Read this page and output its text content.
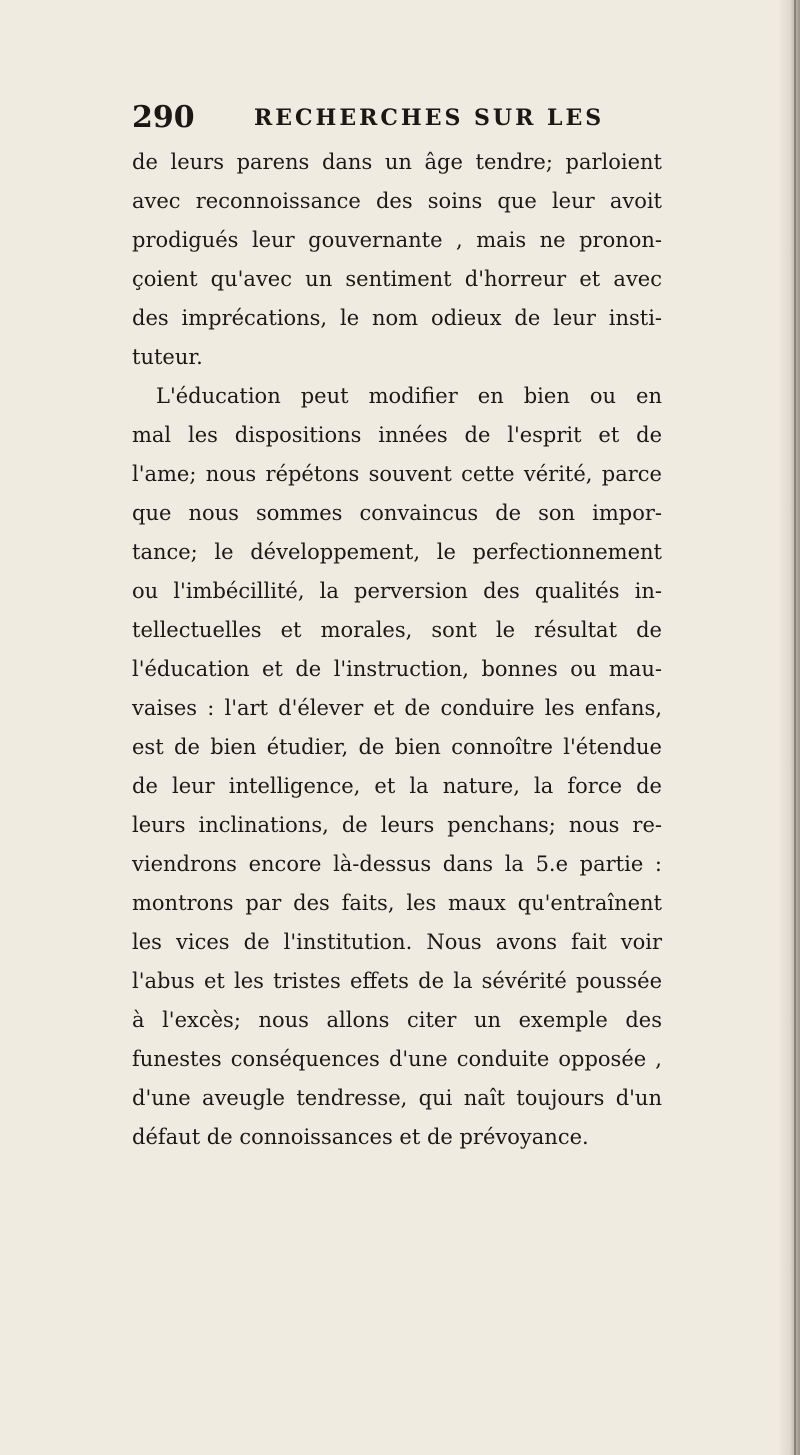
290	RECHERCHES SUR LES
de leurs parens dans un âge tendre; parloient
avec reconnoissance des soins que leur avoit
prodigués leur gouvernante , mais ne pronon-
çoient qu'avec un sentiment d'horreur et avec
des imprécations, le nom odieux de leur insti-
tuteur.
L'éducation peut modifier en bien ou en
mal les dispositions innées de l'esprit et de
l'ame; nous répétons souvent cette vérité, parce
que nous sommes convaincus de son impor-
tance; le développement, le perfectionnement
ou l'imbécillité, la perversion des qualités in-
tellectuelles et morales, sont le résultat de
l'éducation et de l'instruction, bonnes ou mau-
vaises : l'art d'élever et de conduire les enfans,
est de bien étudier, de bien connoître l'étendue
de leur intelligence, et la nature, la force de
leurs inclinations, de leurs penchans; nous re-
viendrons encore là-dessus dans la 5.e partie :
montrons par des faits, les maux qu'entraînent
les vices de l'institution. Nous avons fait voir
l'abus et les tristes effets de la sévérité poussée
à l'excès; nous allons citer un exemple des
funestes conséquences d'une conduite opposée ,
d'une aveugle tendresse, qui naît toujours d'un
défaut de connoissances et de prévoyance.
